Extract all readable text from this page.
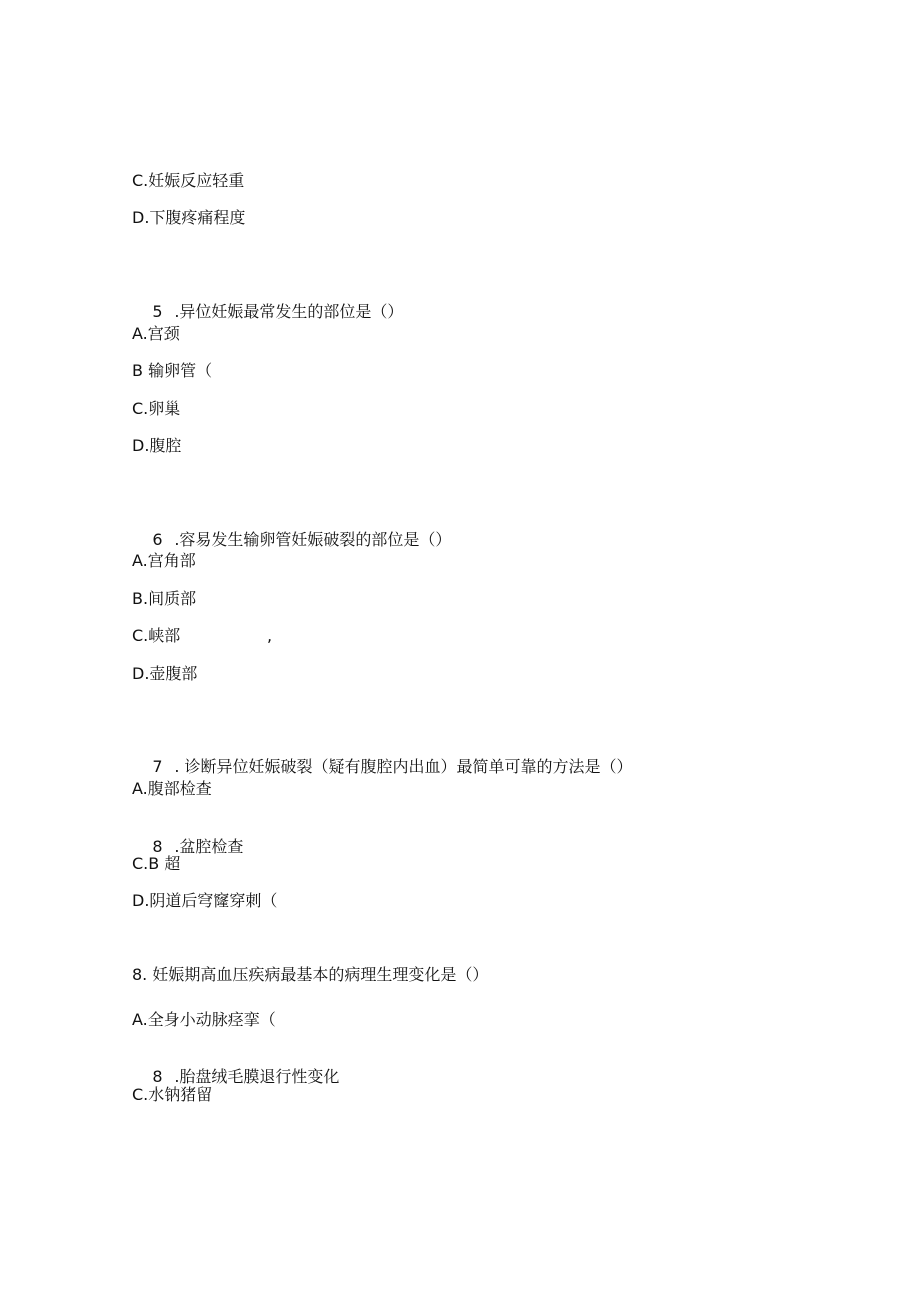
C.妊娠反应轻重
D.下腹疼痛程度

5 .异位妊娠最常发生的部位是（）

A.宫颈
B 输卵管（
C.卵巢
D.腹腔

6 .容易发生输卵管妊娠破裂的部位是（）

A.宫角部
B.间质部
C.峡部	,
D.壶腹部

7 . 诊断异位妊娠破裂（疑有腹腔内出血）最简单可靠的方法是（）

A.腹部检查

8 .盆腔检查

C.B 超
D.阴道后穹窿穿刺（
8. 妊娠期高血压疾病最基本的病理生理变化是（）
A.全身小动脉痉挛（

8 .胎盘绒毛膜退行性变化

C.水钠猪留
